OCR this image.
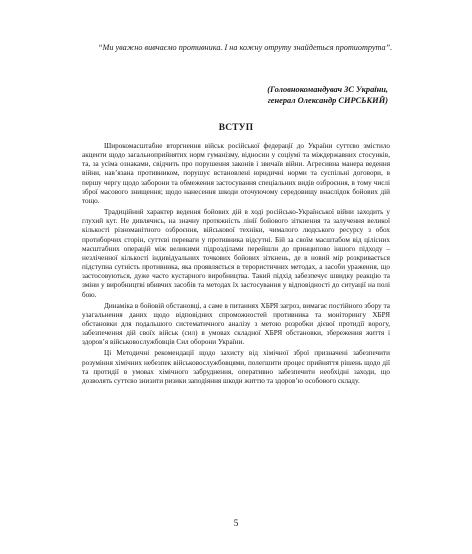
“Ми уважно вивчаємо противника. І на кожну отруту знайдеться протиотрута”.

(Головнокомандувач ЗС України,
генерал Олександр СИРСЬКИЙ)
ВСТУП

Широкомасштабне вторгнення військ російської федерації до України суттєво змістило акценти щодо загальноприйнятих норм гуманізму, відносин у соціумі та міждержавних стосунків, та, за усіма ознаками, свідчить про порушення законів і звичаїв війни. Агресивна манера ведення війни, нав’язана противником, порушує встановлені юридичні норми та суспільні договори, в першу чергу щодо заборони та обмеження застосування спеціальних видів озброєння, в тому числі зброї масового знищення; щодо нанесення шкоди оточуючому середовищу внаслідок бойових дій тощо.

Традиційний характер ведення бойових дій в ході російсько-Української війни заходить у глухий кут. Не дивлячись, на значну протяжність лінії бойового зіткнення та залучення великої кількості різноманітного озброєння, військової техніки, чималого людського ресурсу з обох протиборчих сторін, суттєві переваги у противника відсутні. Бій за своїм масштабом від цілісних масштабних операцій між великими підрозділами перейшли до принципово іншого підходу – незліченної кількості індивідуальних точкових бойових зіткнень, де в новий мір розкривається підступна сутність противника, яка проявляється в терористичних методах, а засоби ураження, що застосовуються, дуже часто кустарного виробництва. Такий підхід забезпечує швидку реакцію та зміни у виробництві вбивчих засобів та методах їх застосування у відповідності до ситуації на полі бою.

Динаміка в бойовій обстановці, а саме в питаннях ХБРЯ загроз, вимагає постійного збору та узагальнення даних щодо відповідних спроможностей противника та моніторингу ХБРЯ обстановки для подальшого систематичного аналізу з метою розробки дієвої протидії ворогу, забезпечення дій своїх військ (сил) в умовах складної ХБРЯ обстановки, збереження життя і здоров’я військовослужбовців Сил оборони України.

Ці Методичні рекомендації щодо захисту від хімічної зброї призначені забезпечити розуміння хімічних небезпек військовослужбовцями, полегшити процес прийняття рішень щодо дії та протидії в умовах хімічного забруднення, оперативно забезпечити необхідні заходи, що дозволять суттєво знизити ризики заподіяння шкоди життю та здоров’ю особового складу.

5
